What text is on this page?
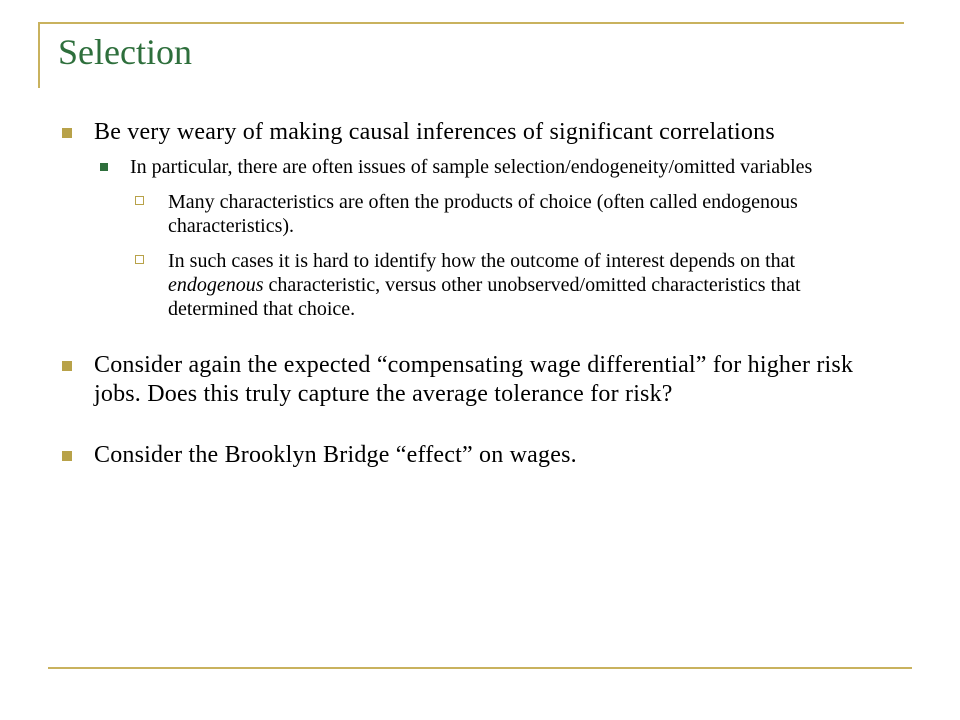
Selection
Be very weary of making causal inferences of significant correlations
In particular, there are often issues of sample selection/endogeneity/omitted variables
Many characteristics are often the products of choice (often called endogenous characteristics).
In such cases it is hard to identify how the outcome of interest depends on that endogenous characteristic, versus other unobserved/omitted characteristics that determined that choice.
Consider again the expected “compensating wage differential” for higher risk jobs. Does this truly capture the average tolerance for risk?
Consider the Brooklyn Bridge “effect” on wages.
